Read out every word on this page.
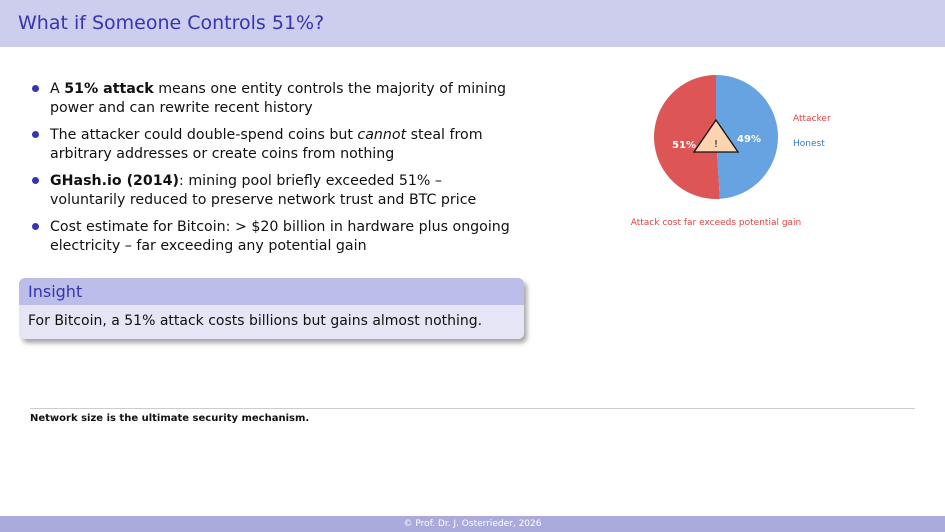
What if Someone Controls 51%?
A 51% attack means one entity controls the majority of mining power and can rewrite recent history
The attacker could double-spend coins but cannot steal from arbitrary addresses or create coins from nothing
GHash.io (2014): mining pool briefly exceeded 51% – voluntarily reduced to preserve network trust and BTC price
Cost estimate for Bitcoin: > $20 billion in hardware plus ongoing electricity – far exceeding any potential gain
Insight
For Bitcoin, a 51% attack costs billions but gains almost nothing.
!
51%
49%
Attacker
Honest
Attack cost far exceeds potential gain
Network size is the ultimate security mechanism.
© Prof. Dr. J. Osterrieder, 2026
